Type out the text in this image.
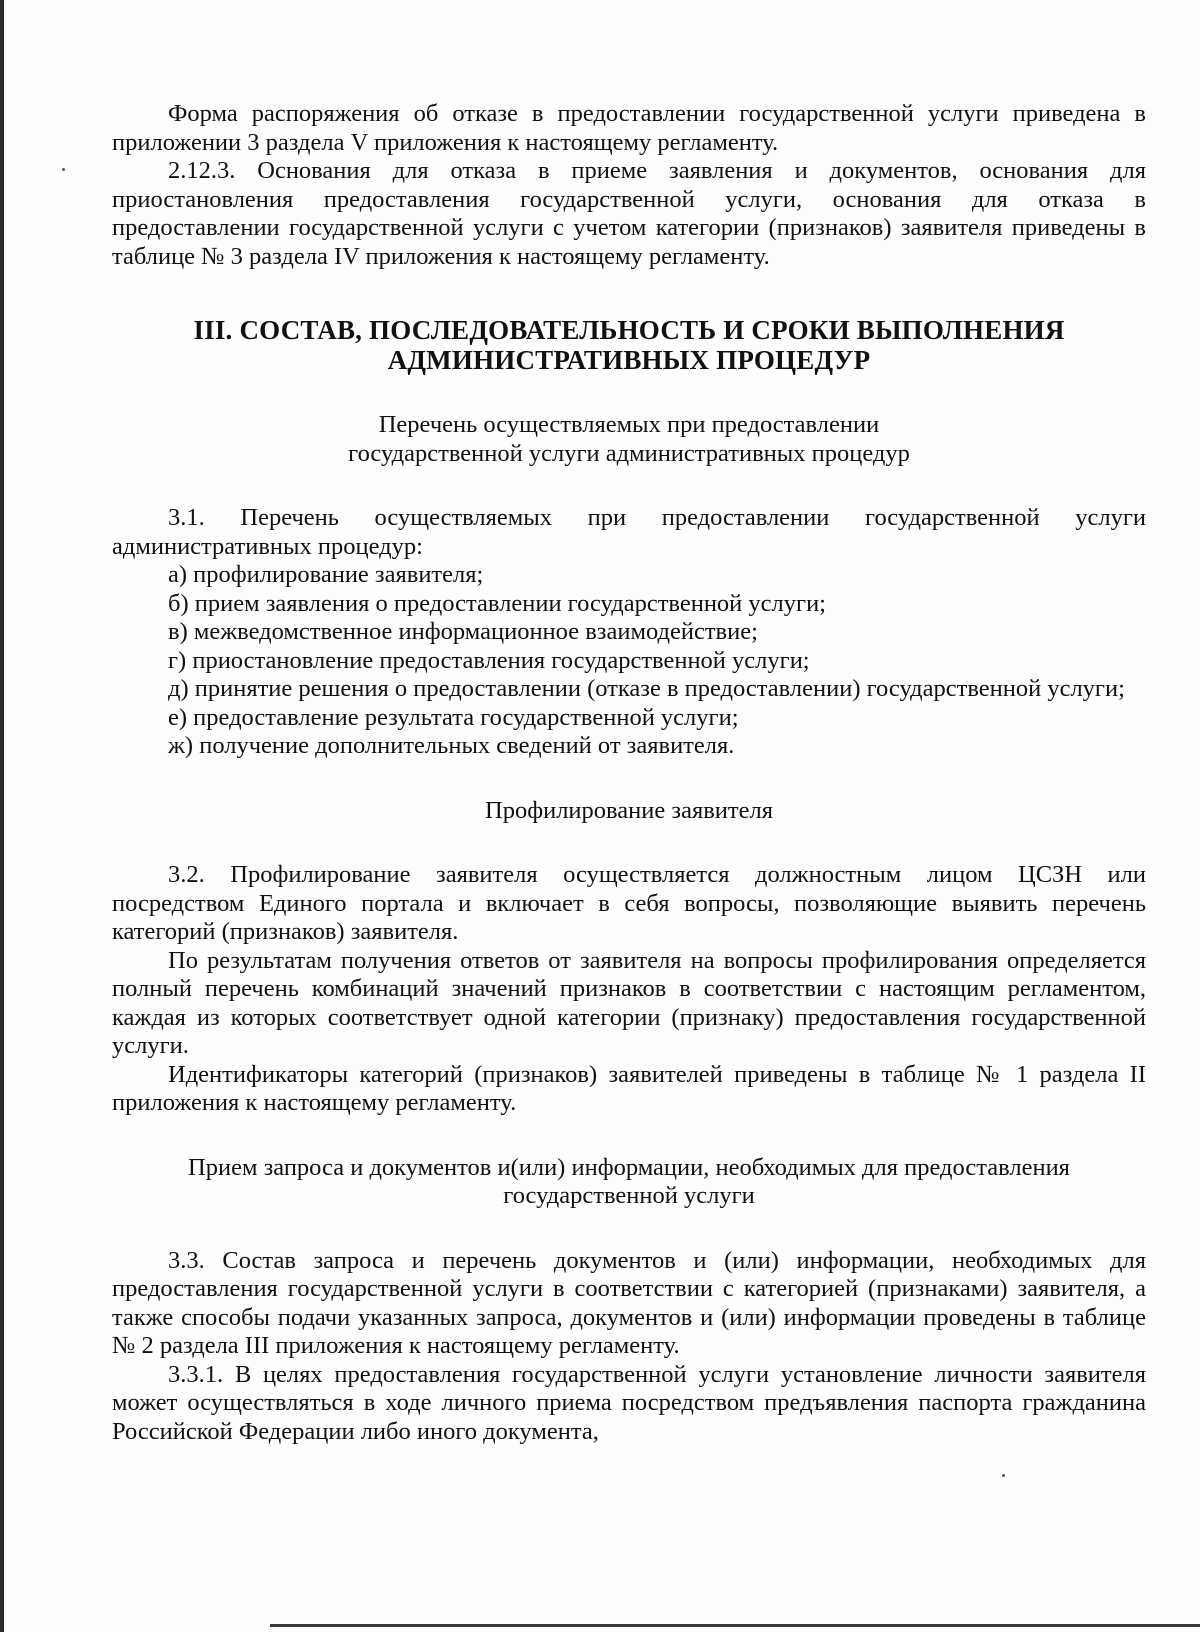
Форма распоряжения об отказе в предоставлении государственной услуги приведена в приложении 3 раздела V приложения к настоящему регламенту.

2.12.3. Основания для отказа в приеме заявления и документов, основания для приостановления предоставления государственной услуги, основания для отказа в предоставлении государственной услуги с учетом категории (признаков) заявителя приведены в таблице № 3 раздела IV приложения к настоящему регламенту.

III. СОСТАВ, ПОСЛЕДОВАТЕЛЬНОСТЬ И СРОКИ ВЫПОЛНЕНИЯ

АДМИНИСТРАТИВНЫХ ПРОЦЕДУР

Перечень осуществляемых при предоставлении

государственной услуги административных процедур

3.1. Перечень осуществляемых при предоставлении государственной услуги административных процедур:

а) профилирование заявителя;

б) прием заявления о предоставлении государственной услуги;

в) межведомственное информационное взаимодействие;

г) приостановление предоставления государственной услуги;

д) принятие решения о предоставлении (отказе в предоставлении) государственной услуги;

е) предоставление результата государственной услуги;

ж) получение дополнительных сведений от заявителя.

Профилирование заявителя

3.2. Профилирование заявителя осуществляется должностным лицом ЦСЗН или посредством Единого портала и включает в себя вопросы, позволяющие выявить перечень категорий (признаков) заявителя.

По результатам получения ответов от заявителя на вопросы профилирования определяется полный перечень комбинаций значений признаков в соответствии с настоящим регламентом, каждая из которых соответствует одной категории (признаку) предоставления государственной услуги.

Идентификаторы категорий (признаков) заявителей приведены в таблице № 1 раздела II приложения к настоящему регламенту.

Прием запроса и документов и(или) информации, необходимых для предоставления

государственной услуги

3.3. Состав запроса и перечень документов и (или) информации, необходимых для предоставления государственной услуги в соответствии с категорией (признаками) заявителя, а также способы подачи указанных запроса, документов и (или) информации проведены в таблице № 2 раздела III приложения к настоящему регламенту.

3.3.1. В целях предоставления государственной услуги установление личности заявителя может осуществляться в ходе личного приема посредством предъявления паспорта гражданина Российской Федерации либо иного документа,
